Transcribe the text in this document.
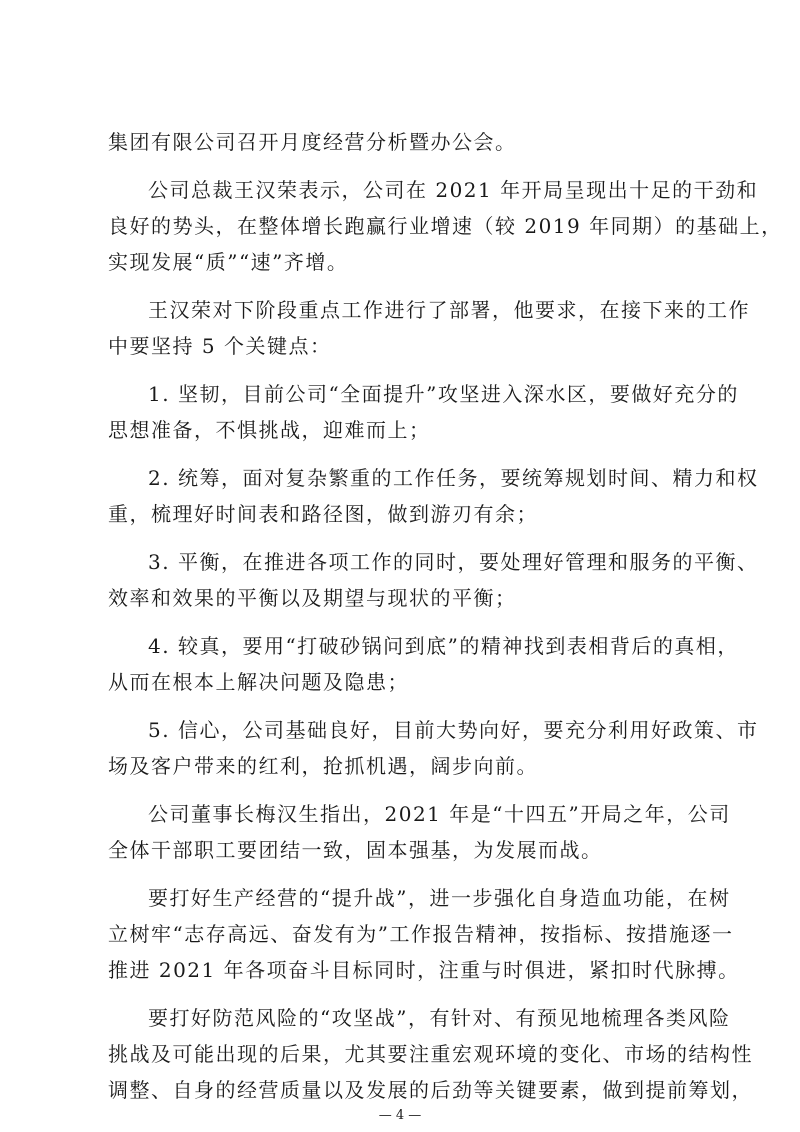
集团有限公司召开月度经营分析暨办公会。
公司总裁王汉荣表示，公司在 2021 年开局呈现出十足的干劲和
良好的势头，在整体增长跑赢行业增速（较 2019 年同期）的基础上，
实现发展“质”“速”齐增。
王汉荣对下阶段重点工作进行了部署，他要求，在接下来的工作
中要坚持 5 个关键点：
1. 坚韧，目前公司“全面提升”攻坚进入深水区，要做好充分的
思想准备，不惧挑战，迎难而上；
2. 统筹，面对复杂繁重的工作任务，要统筹规划时间、精力和权
重，梳理好时间表和路径图，做到游刃有余；
3. 平衡，在推进各项工作的同时，要处理好管理和服务的平衡、
效率和效果的平衡以及期望与现状的平衡；
4. 较真，要用“打破砂锅问到底”的精神找到表相背后的真相，
从而在根本上解决问题及隐患；
5. 信心，公司基础良好，目前大势向好，要充分利用好政策、市
场及客户带来的红利，抢抓机遇，阔步向前。
公司董事长梅汉生指出，2021 年是“十四五”开局之年，公司
全体干部职工要团结一致，固本强基，为发展而战。
要打好生产经营的“提升战”，进一步强化自身造血功能，在树
立树牢“志存高远、奋发有为”工作报告精神，按指标、按措施逐一
推进 2021 年各项奋斗目标同时，注重与时俱进，紧扣时代脉搏。
要打好防范风险的“攻坚战”，有针对、有预见地梳理各类风险
挑战及可能出现的后果，尤其要注重宏观环境的变化、市场的结构性
调整、自身的经营质量以及发展的后劲等关键要素，做到提前筹划，
— 4 —
